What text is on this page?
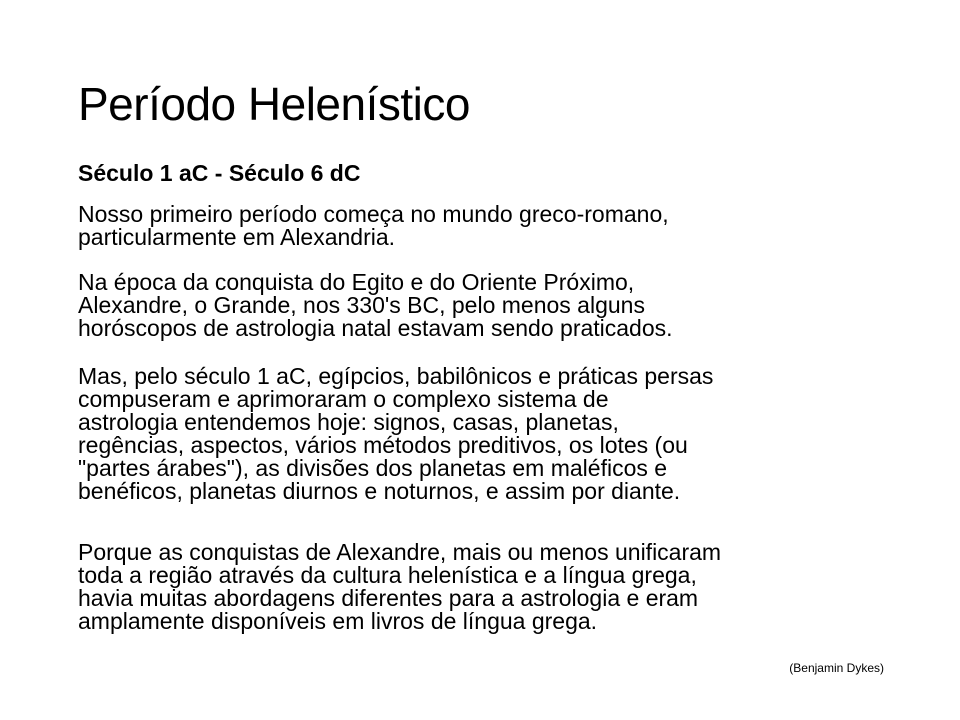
Período Helenístico
Século 1 aC - Século 6 dC
Nosso primeiro período começa no mundo greco-romano,
particularmente em Alexandria.
Na época da conquista do Egito e do Oriente Próximo,
Alexandre, o Grande, nos 330's BC, pelo menos alguns
horóscopos de astrologia natal estavam sendo praticados.
Mas, pelo século 1 aC, egípcios, babilônicos e práticas persas
compuseram e aprimoraram o complexo sistema de
astrologia entendemos hoje: signos, casas, planetas,
regências, aspectos, vários métodos preditivos, os lotes (ou
"partes árabes"), as divisões dos planetas em maléficos e
benéficos, planetas diurnos e noturnos, e assim por diante.
Porque as conquistas de Alexandre, mais ou menos unificaram
toda a região através da cultura helenística e a língua grega,
havia muitas abordagens diferentes para a astrologia e eram
amplamente disponíveis em livros de língua grega.
(Benjamin Dykes)
